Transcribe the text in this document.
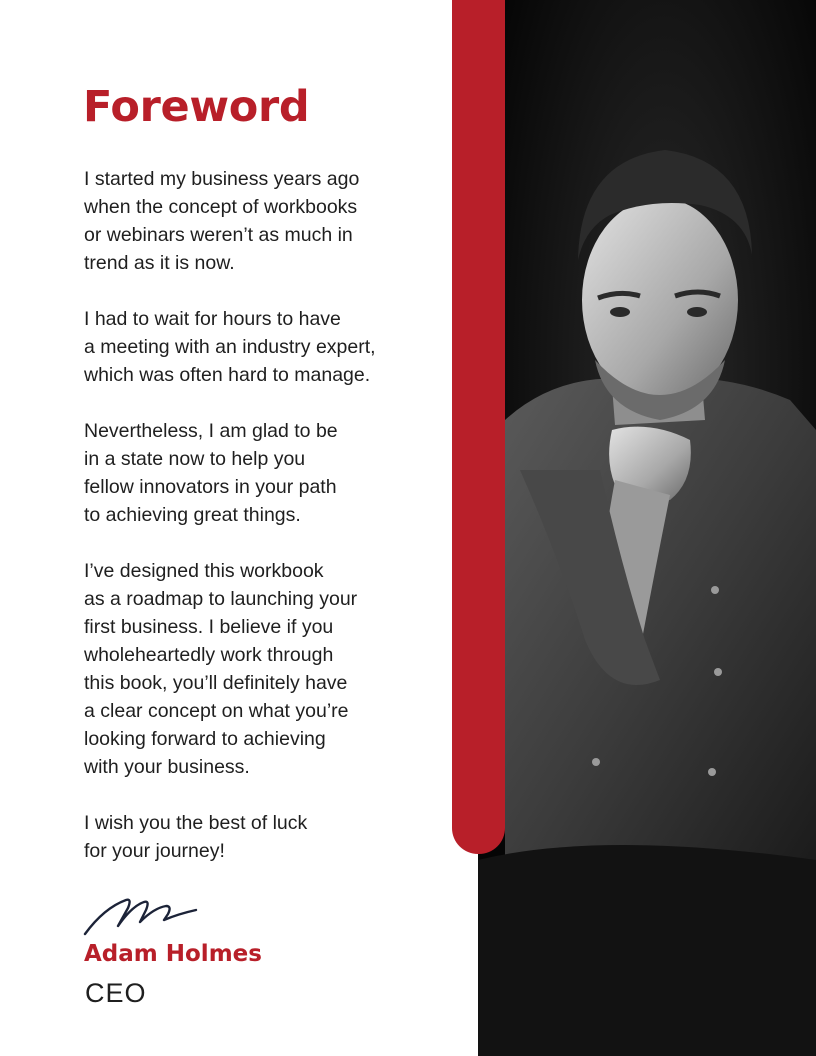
Foreword

I started my business years ago
when the concept of workbooks
or webinars weren’t as much in
trend as it is now.

I had to wait for hours to have
a meeting with an industry expert,
which was often hard to manage.

Nevertheless, I am glad to be
in a state now to help you
fellow innovators in your path
to achieving great things.

I’ve designed this workbook
as a roadmap to launching your
first business. I believe if you
wholeheartedly work through
this book, you’ll definitely have
a clear concept on what you’re
looking forward to achieving
with your business.

I wish you the best of luck
for your journey!

Adam Holmes

CEO
